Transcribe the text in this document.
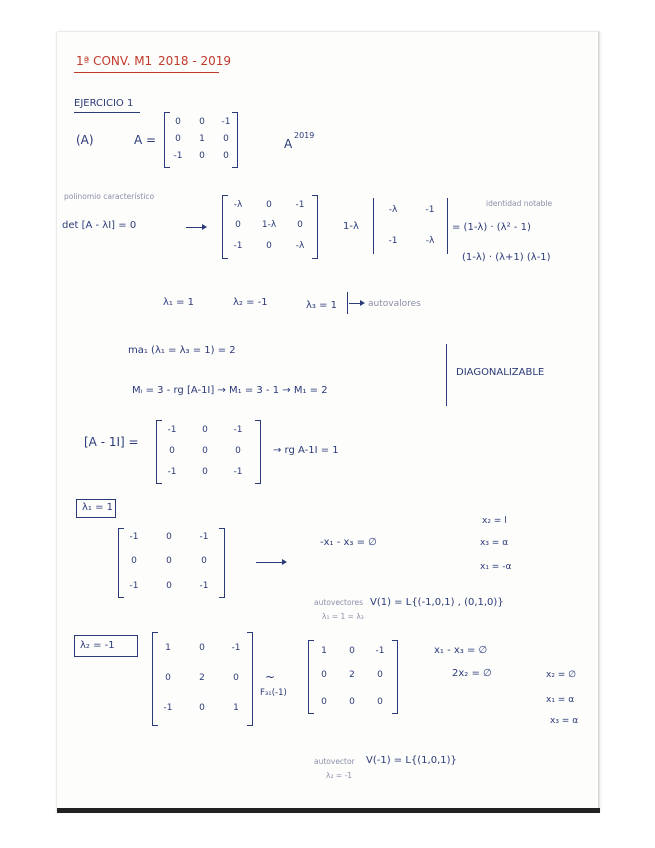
1ª CONV. M1 2018 - 2019
EJERCICIO 1
(A)	A =
0	0	-1
0	1	0
-1	0	0
A
2019
polinomio característico
det [A - λI] = 0
-λ	0	-1
0	1-λ	0
-1	0	-λ
1-λ
-λ	-1
-1	-λ
identidad notable
= (1-λ) · (λ² - 1)
(1-λ) · (λ+1) (λ-1)
λ₁ = 1	λ₂ = -1	λ₃ = 1	autovalores
ma₁ (λ₁ = λ₃ = 1) = 2
Mᵢ = 3 - rg [A-1I] → M₁ = 3 - 1 → M₁ = 2
DIAGONALIZABLE
[A - 1I] =
-1	0	-1
0	0	0
-1	0	-1
→ rg A-1I = 1
λ₁ = 1
-1	0	-1
0	0	0
-1	0	-1
-x₁ - x₃ = ∅
x₂ = l
x₃ = α
x₁ = -α
autovectores
λ₁ = 1 = λ₃
V(1) = L{(-1,0,1) , (0,1,0)}
λ₂ = -1	1	0	-1
0	2	0
-1	0	1
~
F₃₁(-1)
1	0	-1
0	2	0
0	0	0
x₁ - x₃ = ∅
2x₂ = ∅	x₂ = ∅
x₁ = α
x₃ = α
autovector
λ₂ = -1
V(-1) = L{(1,0,1)}
